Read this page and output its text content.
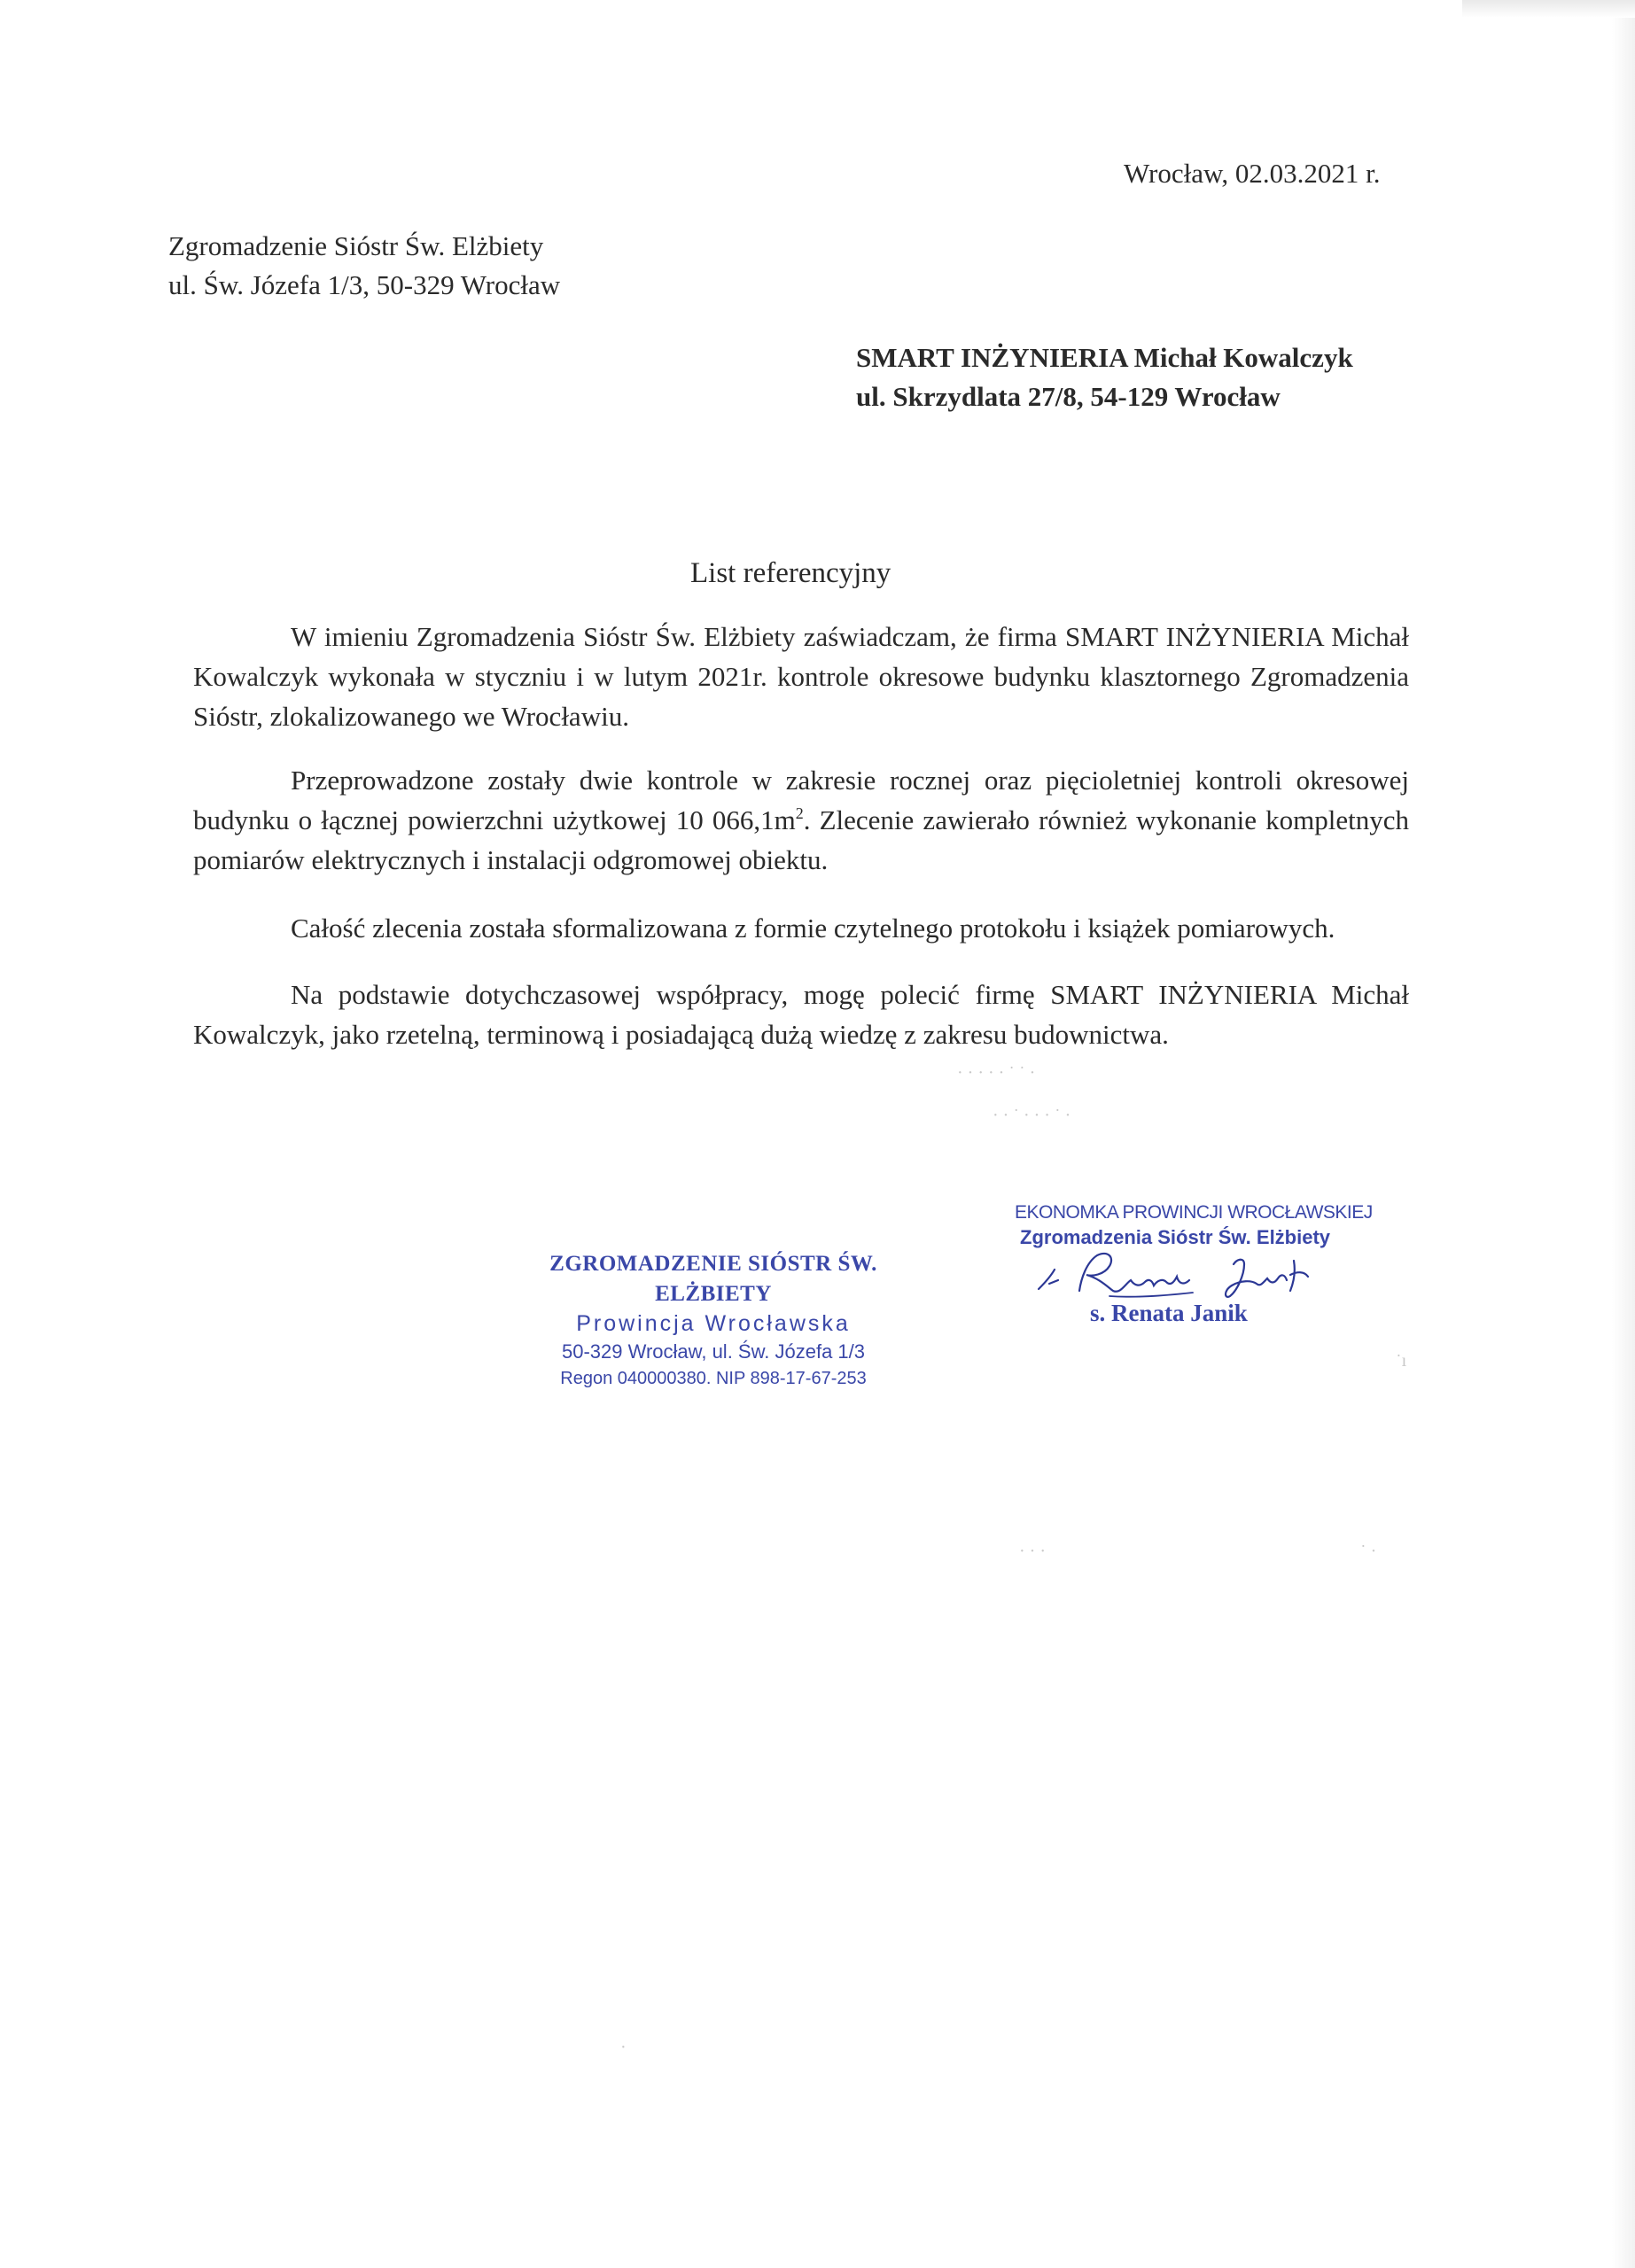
Wrocław, 02.03.2021 r.
Zgromadzenie Sióstr Św. Elżbiety
ul. Św. Józefa 1/3, 50-329 Wrocław
SMART INŻYNIERIA Michał Kowalczyk
ul. Skrzydlata 27/8, 54-129 Wrocław
List referencyjny
W imieniu Zgromadzenia Sióstr Św. Elżbiety zaświadczam, że firma SMART INŻYNIERIA Michał Kowalczyk wykonała w styczniu i w lutym 2021r. kontrole okresowe budynku klasztornego Zgromadzenia Sióstr, zlokalizowanego we Wrocławiu.
Przeprowadzone zostały dwie kontrole w zakresie rocznej oraz pięcioletniej kontroli okresowej budynku o łącznej powierzchni użytkowej 10 $066,1m^2$. Zlecenie zawierało również wykonanie kompletnych pomiarów elektrycznych i instalacji odgromowej obiektu.
Całość zlecenia została sformalizowana z formie czytelnego protokołu i książek pomiarowych.
Na podstawie dotychczasowej współpracy, mogę polecić firmę SMART INŻYNIERIA Michał Kowalczyk, jako rzetelną, terminową i posiadającą dużą wiedzę z zakresu budownictwa.
· · · · · ˙ ˙ ·
· · ˙ · · · ˙ ·
ZGROMADZENIE SIÓSTR ŚW. ELŻBIETY
Prowincja Wrocławska
50-329 Wrocław, ul. Św. Józefa 1/3
Regon 040000380. NIP 898-17-67-253
EKONOMKA PROWINCJI WROCŁAWSKIEJ
Zgromadzenia Sióstr Św. Elżbiety
s. Renata Janik
˙ı
· · ·	˙ ·
·
